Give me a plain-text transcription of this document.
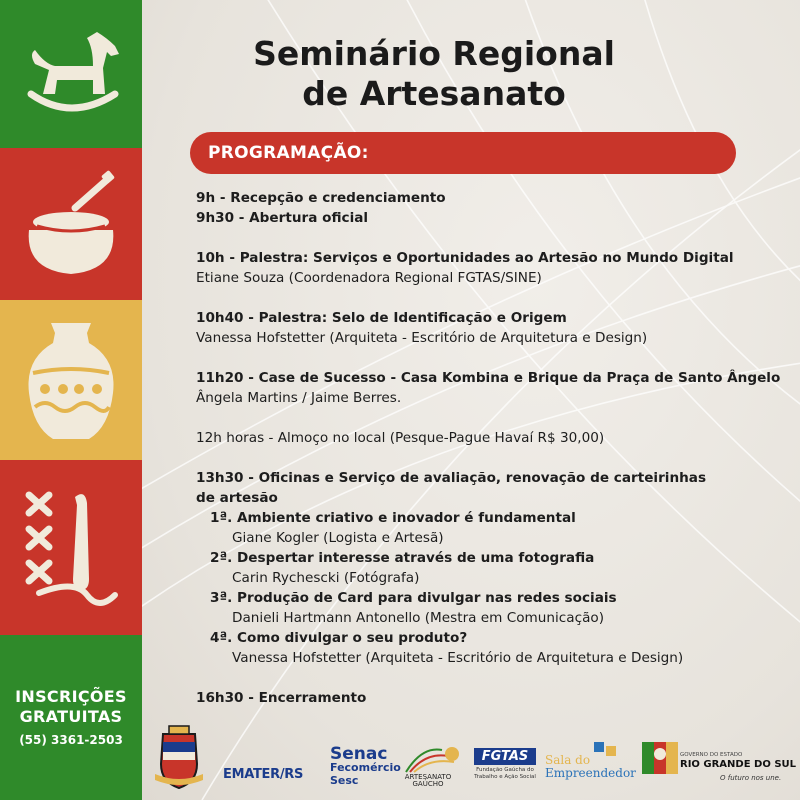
INSCRIÇÕES
GRATUITAS
(55) 3361-2503
Seminário Regional
de Artesanato
PROGRAMAÇÃO:
9h - Recepção e credenciamento
9h30 - Abertura oficial
10h - Palestra: Serviços e Oportunidades ao Artesão no Mundo Digital
Etiane Souza (Coordenadora Regional FGTAS/SINE)
10h40 - Palestra: Selo de Identificação e Origem
Vanessa Hofstetter (Arquiteta - Escritório de Arquitetura e Design)
11h20 - Case de Sucesso - Casa Kombina e Brique da Praça de Santo Ângelo
Ângela Martins / Jaime Berres.
12h horas - Almoço no local (Pesque-Pague Havaí R$ 30,00)
13h30 - Oficinas e Serviço de avaliação, renovação de carteirinhas de artesão
1ª. Ambiente criativo e inovador é fundamental
Giane Kogler (Logista e Artesã)
2ª. Despertar interesse através de uma fotografia
Carin Rychescki (Fotógrafa)
3ª. Produção de Card para divulgar nas redes sociais
Danieli Hartmann Antonello (Mestra em Comunicação)
4ª. Como divulgar o seu produto?
Vanessa Hofstetter (Arquiteta - Escritório de Arquitetura e Design)
16h30 - Encerramento
EMATER/RS
Senac
Fecomércio
Sesc	ARTESANATO
GAÚCHO
FGTAS
Fundação Gaúcha do Trabalho e Ação Social
Sala do
Empreendedor
GOVERNO DO ESTADO
RIO GRANDE DO SUL
O futuro nos une.
